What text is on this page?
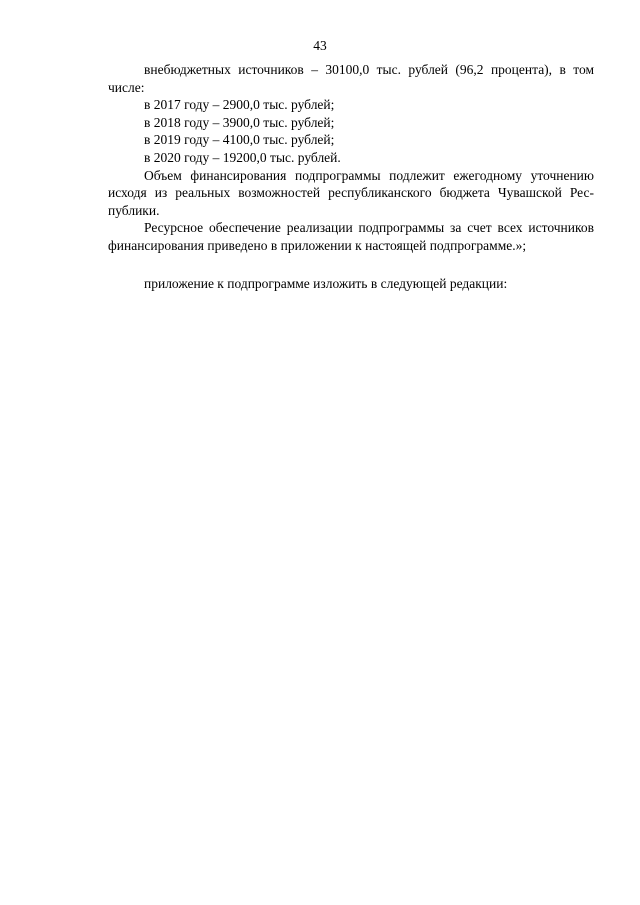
43

внебюджетных источников – 30100,0 тыс. рублей (96,2 процента), в том

числе:

в 2017 году – 2900,0 тыс. рублей;

в 2018 году – 3900,0 тыс. рублей;

в 2019 году – 4100,0 тыс. рублей;

в 2020 году – 19200,0 тыс. рублей.

Объем финансирования подпрограммы подлежит ежегодному уточнению исходя из реальных возможностей республиканского бюджета Чувашской Республики.

Ресурсное обеспечение реализации подпрограммы за счет всех источников финансирования приведено в приложении к настоящей подпрограмме.»;

приложение к подпрограмме изложить в следующей редакции:
